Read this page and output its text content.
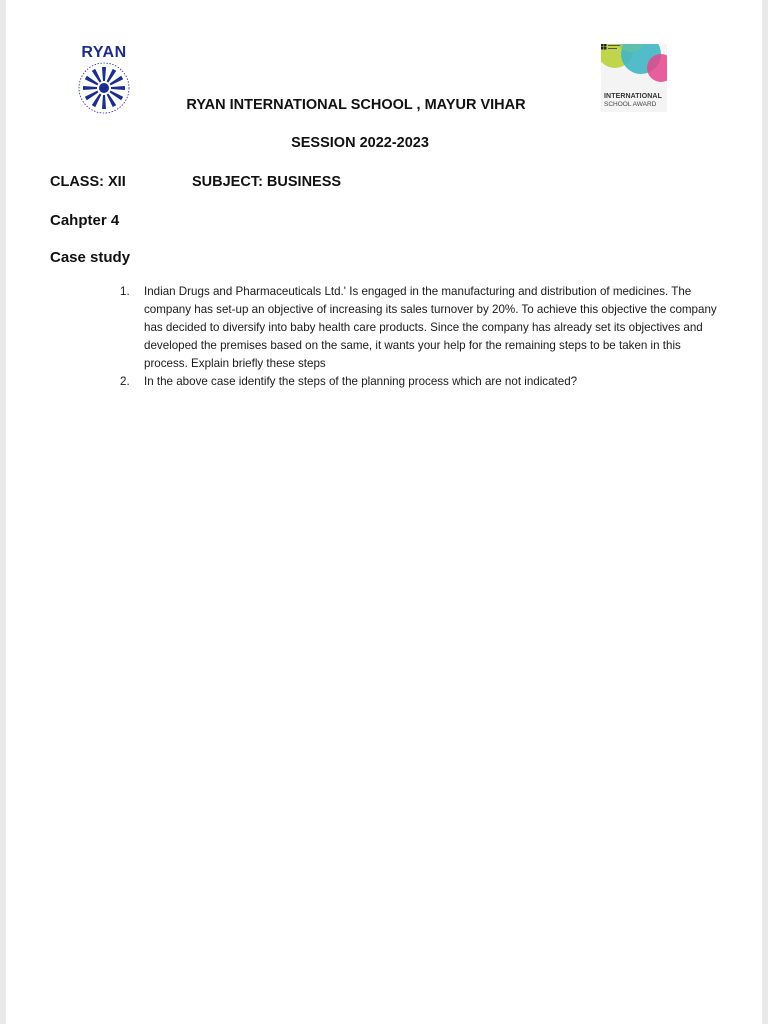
RYAN
INTERNATIONAL
SCHOOL AWARD
RYAN INTERNATIONAL SCHOOL , MAYUR VIHAR
SESSION 2022-2023
CLASS: XII	SUBJECT: BUSINESS
Cahpter 4
Case study
1. Indian Drugs and Pharmaceuticals Ltd.' Is engaged in the manufacturing and distribution of medicines. The company has set-up an objective of increasing its sales turnover by 20%. To achieve this objective the company has decided to diversify into baby health care products. Since the company has already set its objectives and developed the premises based on the same, it wants your help for the remaining steps to be taken in this process. Explain briefly these steps
2. In the above case identify the steps of the planning process which are not indicated?
